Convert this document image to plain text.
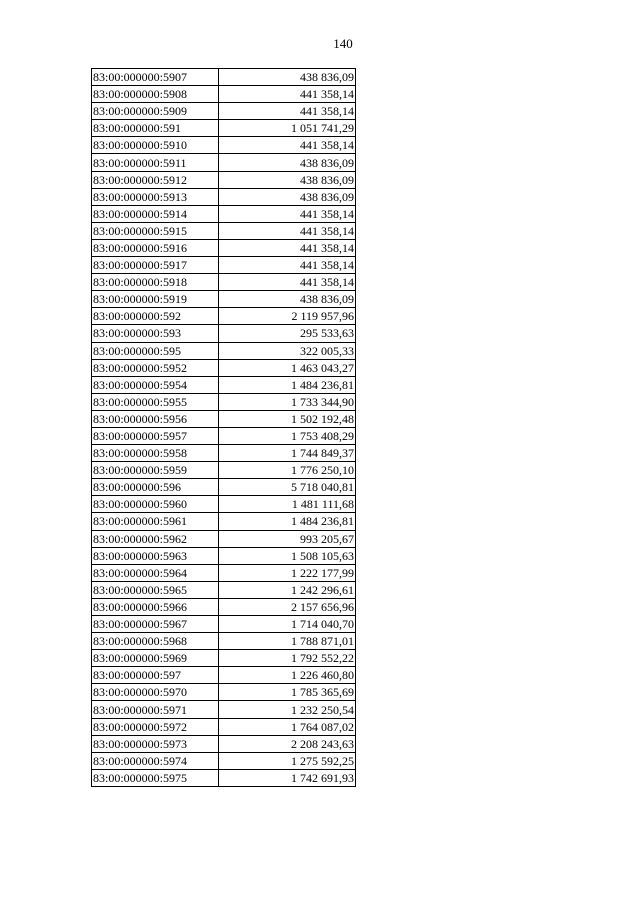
140
83:00:000000:5907	438 836,09
83:00:000000:5908	441 358,14
83:00:000000:5909	441 358,14
83:00:000000:591	1 051 741,29
83:00:000000:5910	441 358,14
83:00:000000:5911	438 836,09
83:00:000000:5912	438 836,09
83:00:000000:5913	438 836,09
83:00:000000:5914	441 358,14
83:00:000000:5915	441 358,14
83:00:000000:5916	441 358,14
83:00:000000:5917	441 358,14
83:00:000000:5918	441 358,14
83:00:000000:5919	438 836,09
83:00:000000:592	2 119 957,96
83:00:000000:593	295 533,63
83:00:000000:595	322 005,33
83:00:000000:5952	1 463 043,27
83:00:000000:5954	1 484 236,81
83:00:000000:5955	1 733 344,90
83:00:000000:5956	1 502 192,48
83:00:000000:5957	1 753 408,29
83:00:000000:5958	1 744 849,37
83:00:000000:5959	1 776 250,10
83:00:000000:596	5 718 040,81
83:00:000000:5960	1 481 111,68
83:00:000000:5961	1 484 236,81
83:00:000000:5962	993 205,67
83:00:000000:5963	1 508 105,63
83:00:000000:5964	1 222 177,99
83:00:000000:5965	1 242 296,61
83:00:000000:5966	2 157 656,96
83:00:000000:5967	1 714 040,70
83:00:000000:5968	1 788 871,01
83:00:000000:5969	1 792 552,22
83:00:000000:597	1 226 460,80
83:00:000000:5970	1 785 365,69
83:00:000000:5971	1 232 250,54
83:00:000000:5972	1 764 087,02
83:00:000000:5973	2 208 243,63
83:00:000000:5974	1 275 592,25
83:00:000000:5975	1 742 691,93
